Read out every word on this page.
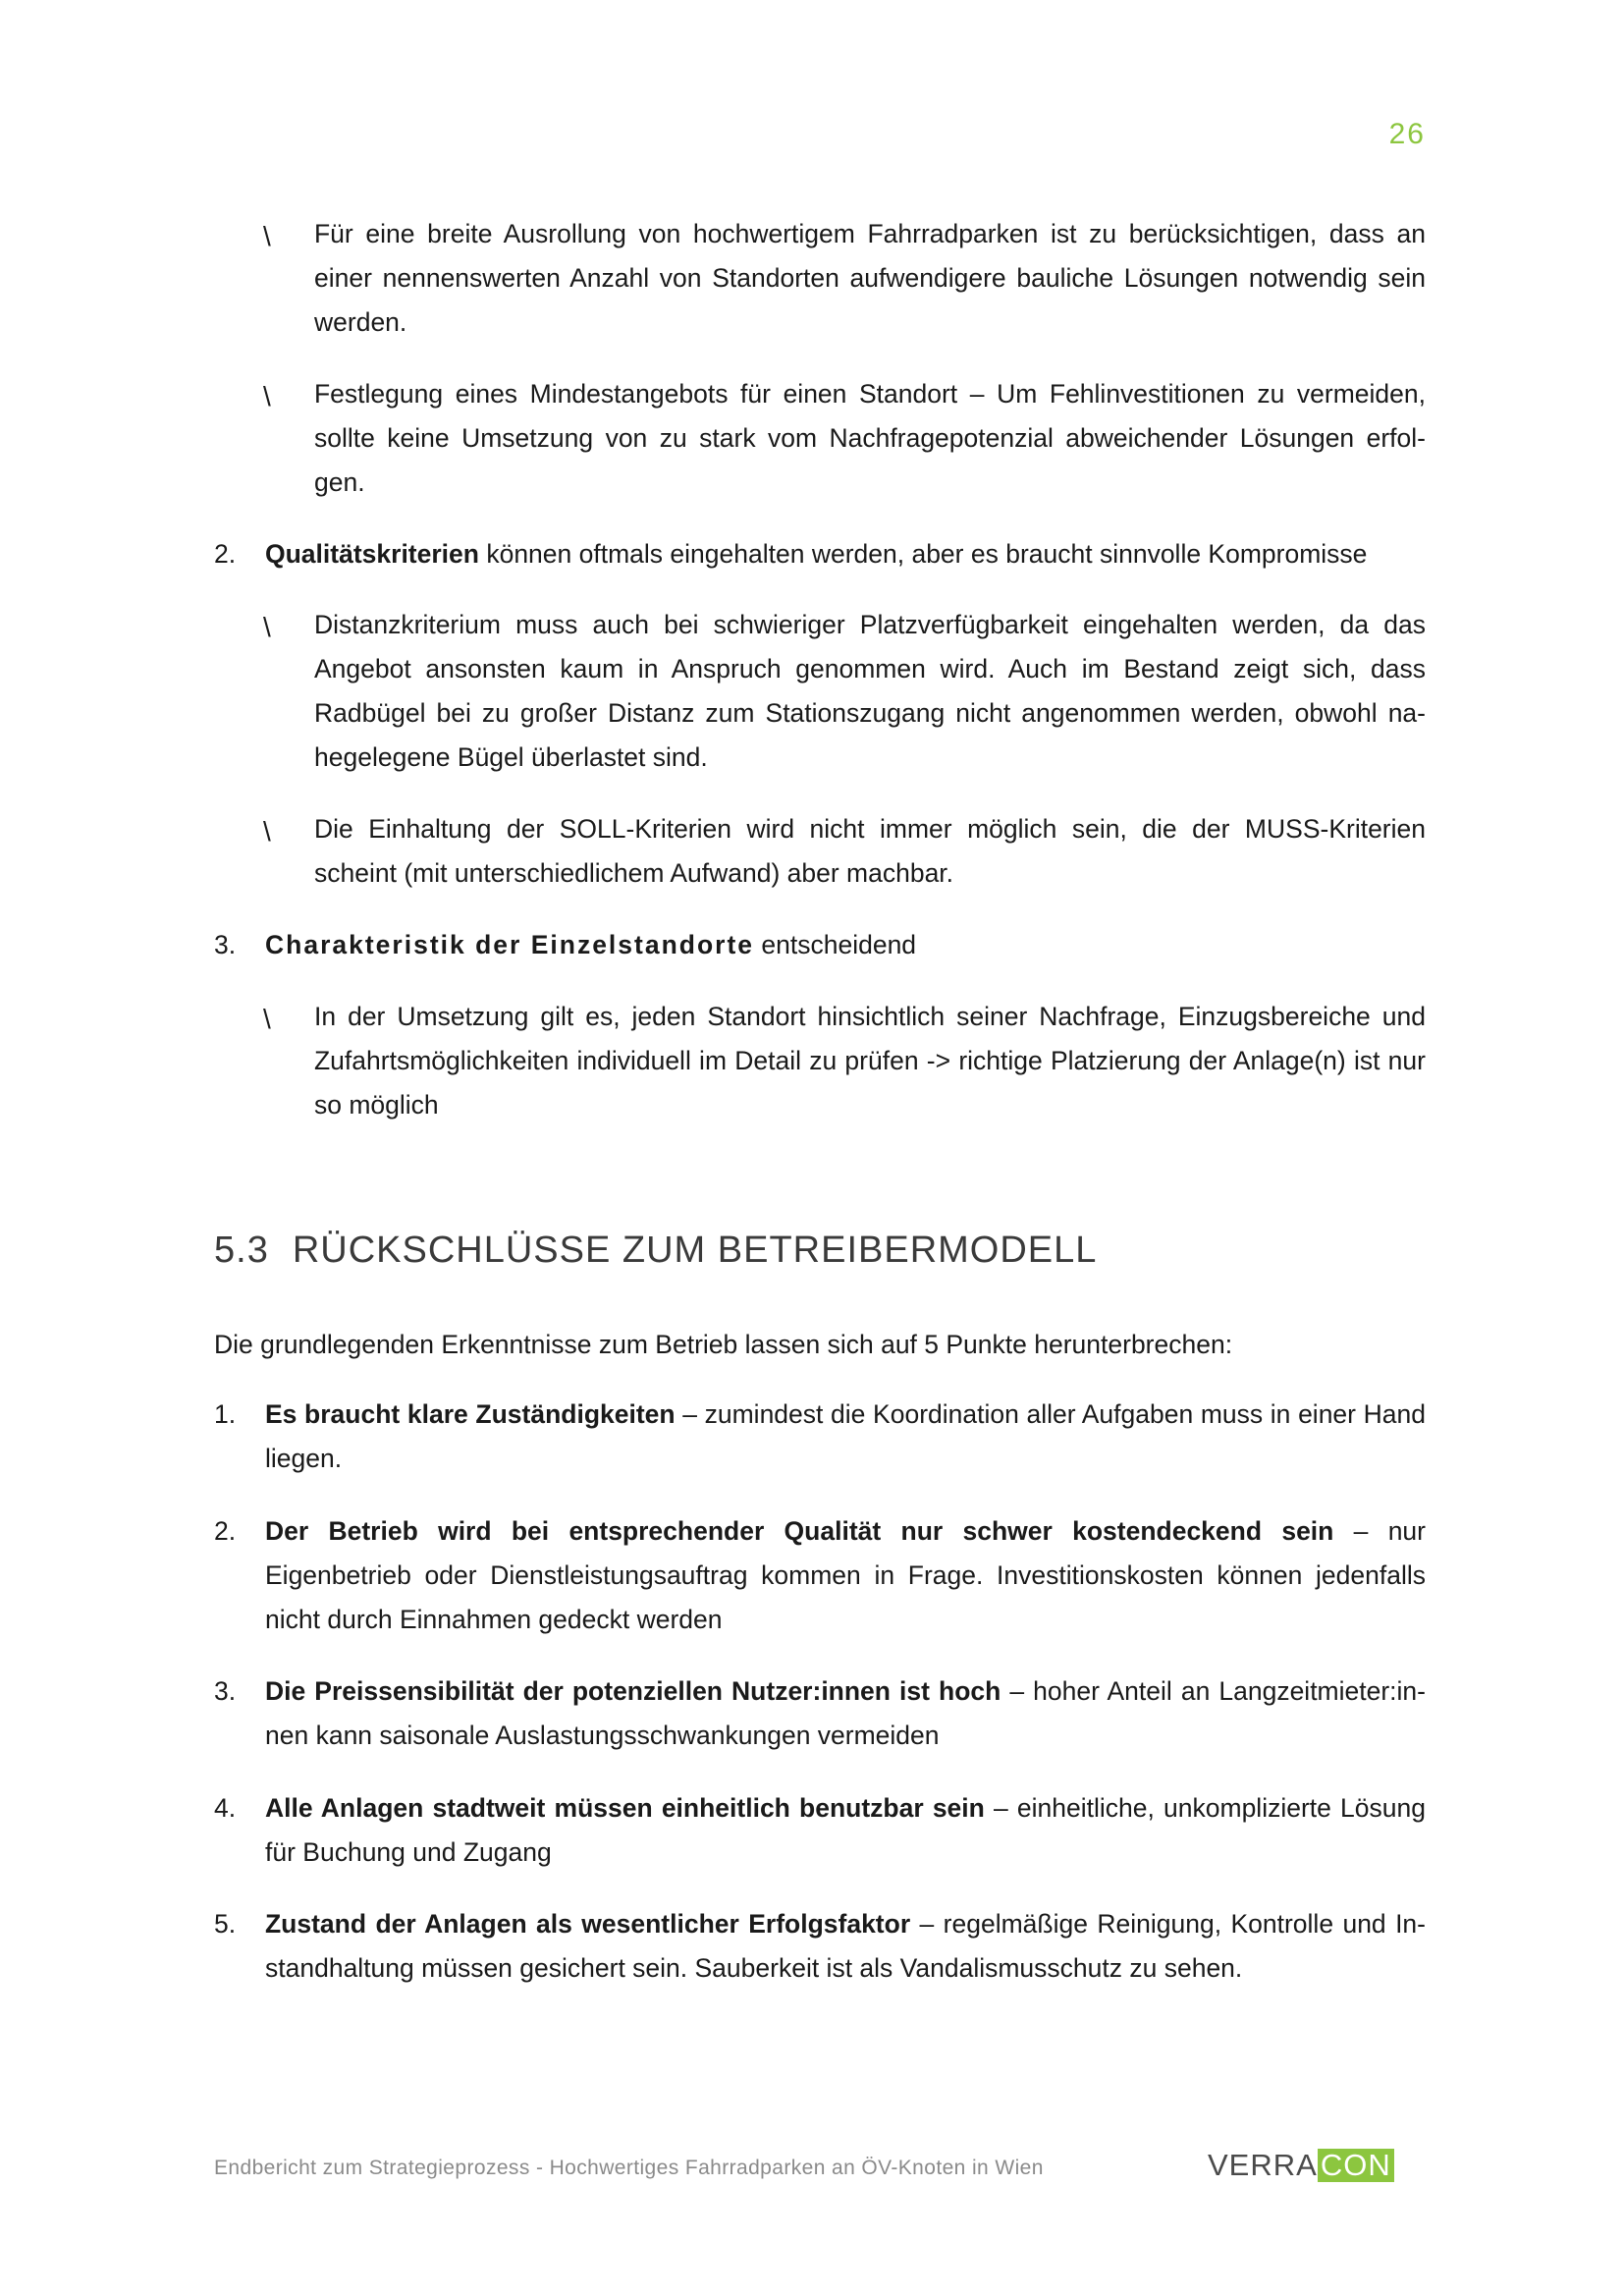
26
\ Für eine breite Ausrollung von hochwertigem Fahrradparken ist zu berücksichtigen, dass an einer nennenswerten Anzahl von Standorten aufwendigere bauliche Lösungen notwendig sein werden.
\ Festlegung eines Mindestangebots für einen Standort – Um Fehlinvestitionen zu vermeiden, sollte keine Umsetzung von zu stark vom Nachfragepotenzial abweichender Lösungen erfol-gen.
2. Qualitätskriterien können oftmals eingehalten werden, aber es braucht sinnvolle Kompromisse
\ Distanzkriterium muss auch bei schwieriger Platzverfügbarkeit eingehalten werden, da das Angebot ansonsten kaum in Anspruch genommen wird. Auch im Bestand zeigt sich, dass Radbügel bei zu großer Distanz zum Stationszugang nicht angenommen werden, obwohl na-hegelegene Bügel überlastet sind.
\ Die Einhaltung der SOLL-Kriterien wird nicht immer möglich sein, die der MUSS-Kriterien scheint (mit unterschiedlichem Aufwand) aber machbar.
3. Charakteristik der Einzelstandorte entscheidend
\ In der Umsetzung gilt es, jeden Standort hinsichtlich seiner Nachfrage, Einzugsbereiche und Zufahrtsmöglichkeiten individuell im Detail zu prüfen -> richtige Platzierung der Anlage(n) ist nur so möglich
5.3 RÜCKSCHLÜSSE ZUM BETREIBERMODELL
Die grundlegenden Erkenntnisse zum Betrieb lassen sich auf 5 Punkte herunterbrechen:
1. Es braucht klare Zuständigkeiten – zumindest die Koordination aller Aufgaben muss in einer Hand liegen.
2. Der Betrieb wird bei entsprechender Qualität nur schwer kostendeckend sein – nur Eigenbetrieb oder Dienstleistungsauftrag kommen in Frage. Investitionskosten können jedenfalls nicht durch Einnahmen gedeckt werden
3. Die Preissensibilität der potenziellen Nutzer:innen ist hoch – hoher Anteil an Langzeitmieter:in-nen kann saisonale Auslastungsschwankungen vermeiden
4. Alle Anlagen stadtweit müssen einheitlich benutzbar sein – einheitliche, unkomplizierte Lösung für Buchung und Zugang
5. Zustand der Anlagen als wesentlicher Erfolgsfaktor – regelmäßige Reinigung, Kontrolle und In-standhaltung müssen gesichert sein. Sauberkeit ist als Vandalismusschutz zu sehen.
Endbericht zum Strategieprozess - Hochwertiges Fahrradparken an ÖV-Knoten in Wien	VERRA CON
